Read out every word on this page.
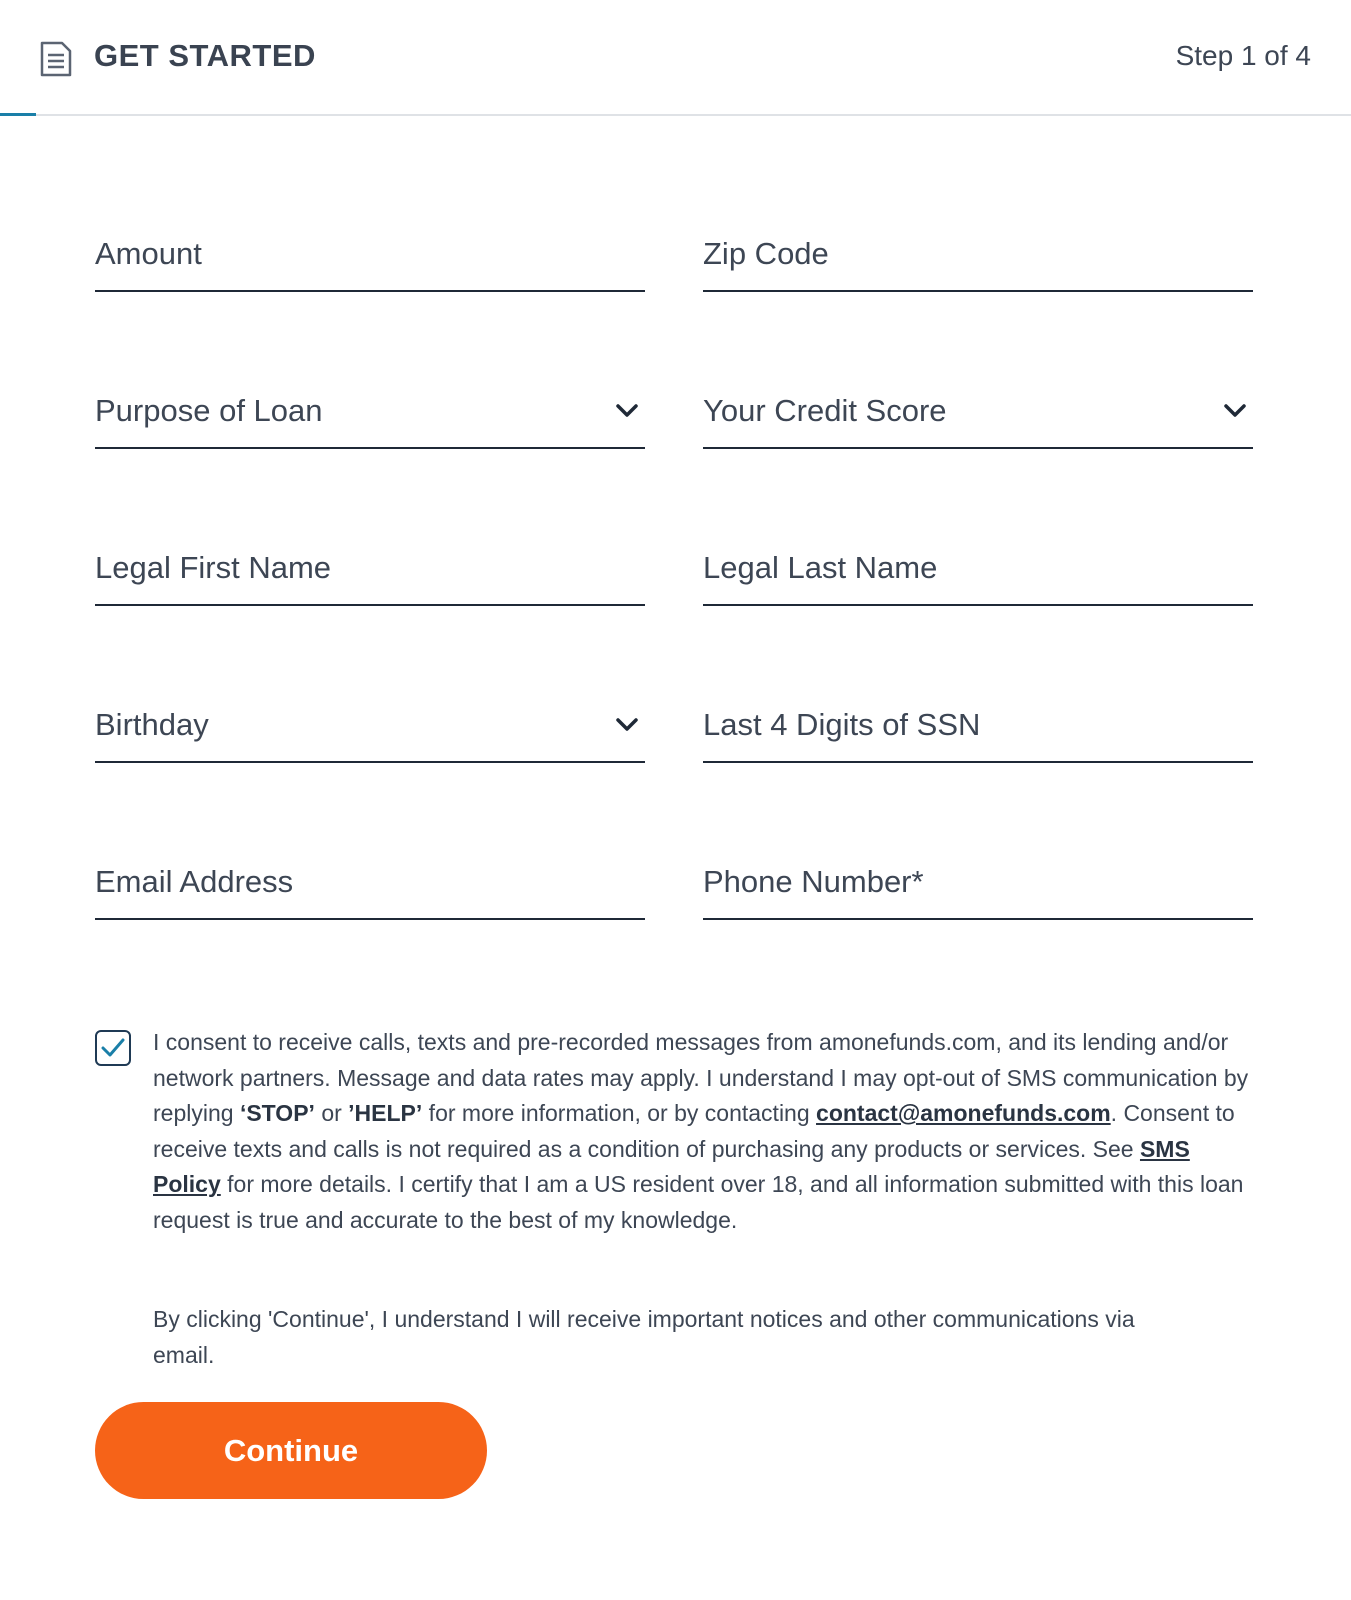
GET STARTED	Step 1 of 4
Amount
Zip Code
Purpose of Loan	Your Credit Score
Legal First Name
Legal Last Name
Birthday
Last 4 Digits of SSN
Email Address
Phone Number*
I consent to receive calls, texts and pre-recorded messages from amonefunds.com, and its lending and/or network partners. Message and data rates may apply. I understand I may opt-out of SMS communication by replying ‘STOP’ or ’HELP’ for more information, or by contacting contact@amonefunds.com. Consent to receive texts and calls is not required as a condition of purchasing any products or services. See SMS Policy for more details. I certify that I am a US resident over 18, and all information submitted with this loan request is true and accurate to the best of my knowledge.
By clicking 'Continue', I understand I will receive important notices and other communications via email.
Continue
